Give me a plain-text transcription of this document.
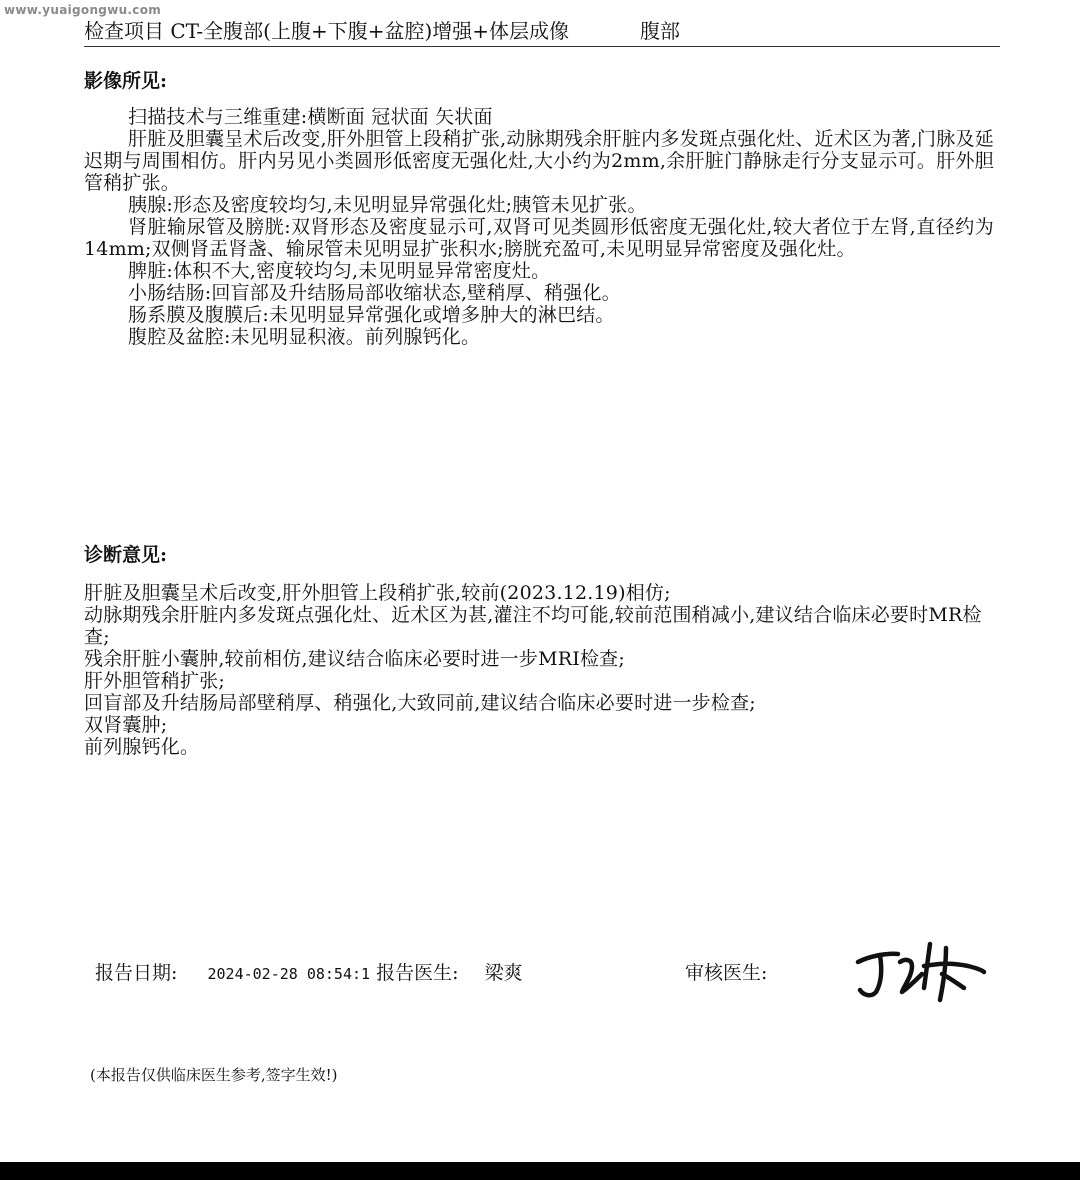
www.yuaigongwu.com
检查项目 CT-全腹部(上腹+下腹+盆腔)增强+体层成像	腹部
影像所见:

扫描技术与三维重建:横断面 冠状面 矢状面

肝脏及胆囊呈术后改变,肝外胆管上段稍扩张,动脉期残余肝脏内多发斑点强化灶、近术区为著,门脉及延迟期与周围相仿。肝内另见小类圆形低密度无强化灶,大小约为2mm,余肝脏门静脉走行分支显示可。肝外胆管稍扩张。

胰腺:形态及密度较均匀,未见明显异常强化灶;胰管未见扩张。

肾脏输尿管及膀胱:双肾形态及密度显示可,双肾可见类圆形低密度无强化灶,较大者位于左肾,直径约为14mm;双侧肾盂肾盏、输尿管未见明显扩张积水;膀胱充盈可,未见明显异常密度及强化灶。

脾脏:体积不大,密度较均匀,未见明显异常密度灶。

小肠结肠:回盲部及升结肠局部收缩状态,壁稍厚、稍强化。

肠系膜及腹膜后:未见明显异常强化或增多肿大的淋巴结。

腹腔及盆腔:未见明显积液。前列腺钙化。

诊断意见:

肝脏及胆囊呈术后改变,肝外胆管上段稍扩张,较前(2023.12.19)相仿;

动脉期残余肝脏内多发斑点强化灶、近术区为甚,灌注不均可能,较前范围稍减小,建议结合临床必要时MR检查;

残余肝脏小囊肿,较前相仿,建议结合临床必要时进一步MRI检查;

肝外胆管稍扩张;

回盲部及升结肠局部壁稍厚、稍强化,大致同前,建议结合临床必要时进一步检查;

双肾囊肿;

前列腺钙化。

报告日期: 2024-02-28 08:54:1 报告医生: 梁爽	审核医生:
(本报告仅供临床医生参考,签字生效!)
